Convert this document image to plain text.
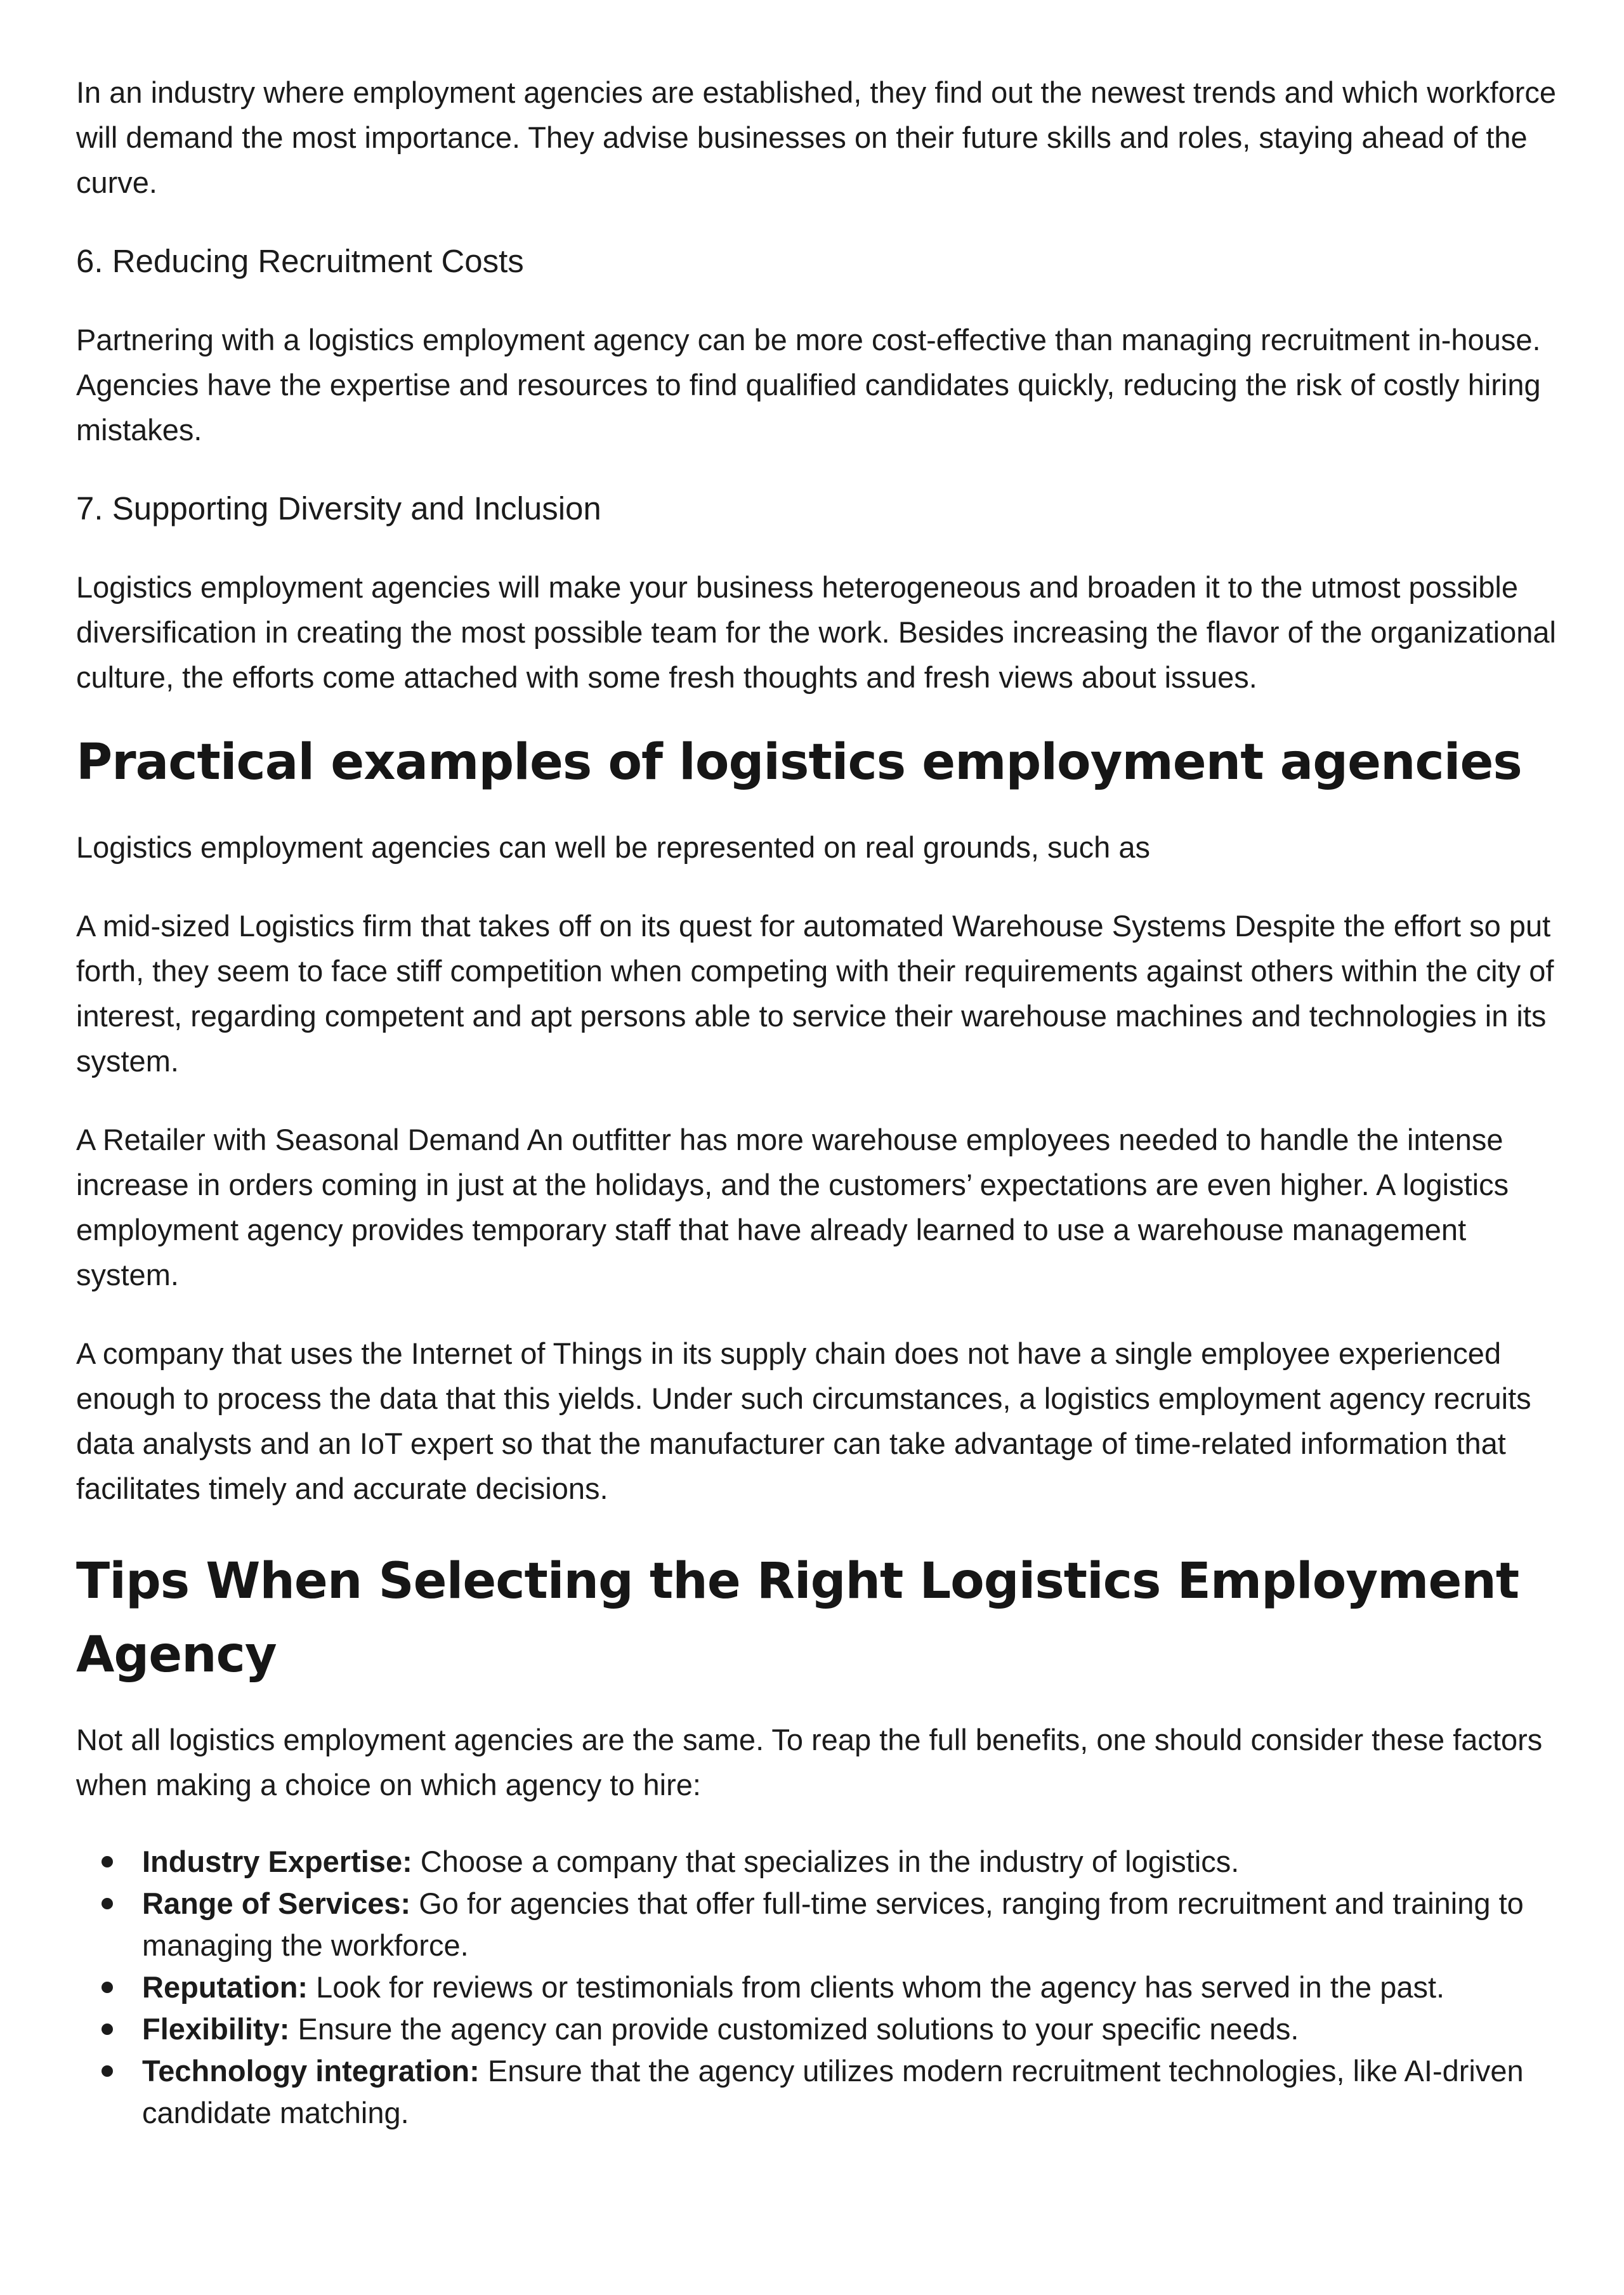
In an industry where employment agencies are established, they find out the newest trends and which workforce will demand the most importance. They advise businesses on their future skills and roles, staying ahead of the curve.

6. Reducing Recruitment Costs

Partnering with a logistics employment agency can be more cost-effective than managing recruitment in-house. Agencies have the expertise and resources to find qualified candidates quickly, reducing the risk of costly hiring mistakes.

7. Supporting Diversity and Inclusion

Logistics employment agencies will make your business heterogeneous and broaden it to the utmost possible diversification in creating the most possible team for the work. Besides increasing the flavor of the organizational culture, the efforts come attached with some fresh thoughts and fresh views about issues.

Practical examples of logistics employment agencies

Logistics employment agencies can well be represented on real grounds, such as

A mid-sized Logistics firm that takes off on its quest for automated Warehouse Systems Despite the effort so put forth, they seem to face stiff competition when competing with their requirements against others within the city of interest, regarding competent and apt persons able to service their warehouse machines and technologies in its system.

A Retailer with Seasonal Demand An outfitter has more warehouse employees needed to handle the intense increase in orders coming in just at the holidays, and the customers’ expectations are even higher. A logistics employment agency provides temporary staff that have already learned to use a warehouse management system.

A company that uses the Internet of Things in its supply chain does not have a single employee experienced enough to process the data that this yields. Under such circumstances, a logistics employment agency recruits data analysts and an IoT expert so that the manufacturer can take advantage of time-related information that facilitates timely and accurate decisions.

Tips When Selecting the Right Logistics Employment Agency

Not all logistics employment agencies are the same. To reap the full benefits, one should consider these factors when making a choice on which agency to hire:

Industry Expertise: Choose a company that specializes in the industry of logistics.
Range of Services: Go for agencies that offer full-time services, ranging from recruitment and training to managing the workforce.
Reputation: Look for reviews or testimonials from clients whom the agency has served in the past.
Flexibility: Ensure the agency can provide customized solutions to your specific needs.
Technology integration: Ensure that the agency utilizes modern recruitment technologies, like AI-driven candidate matching.
